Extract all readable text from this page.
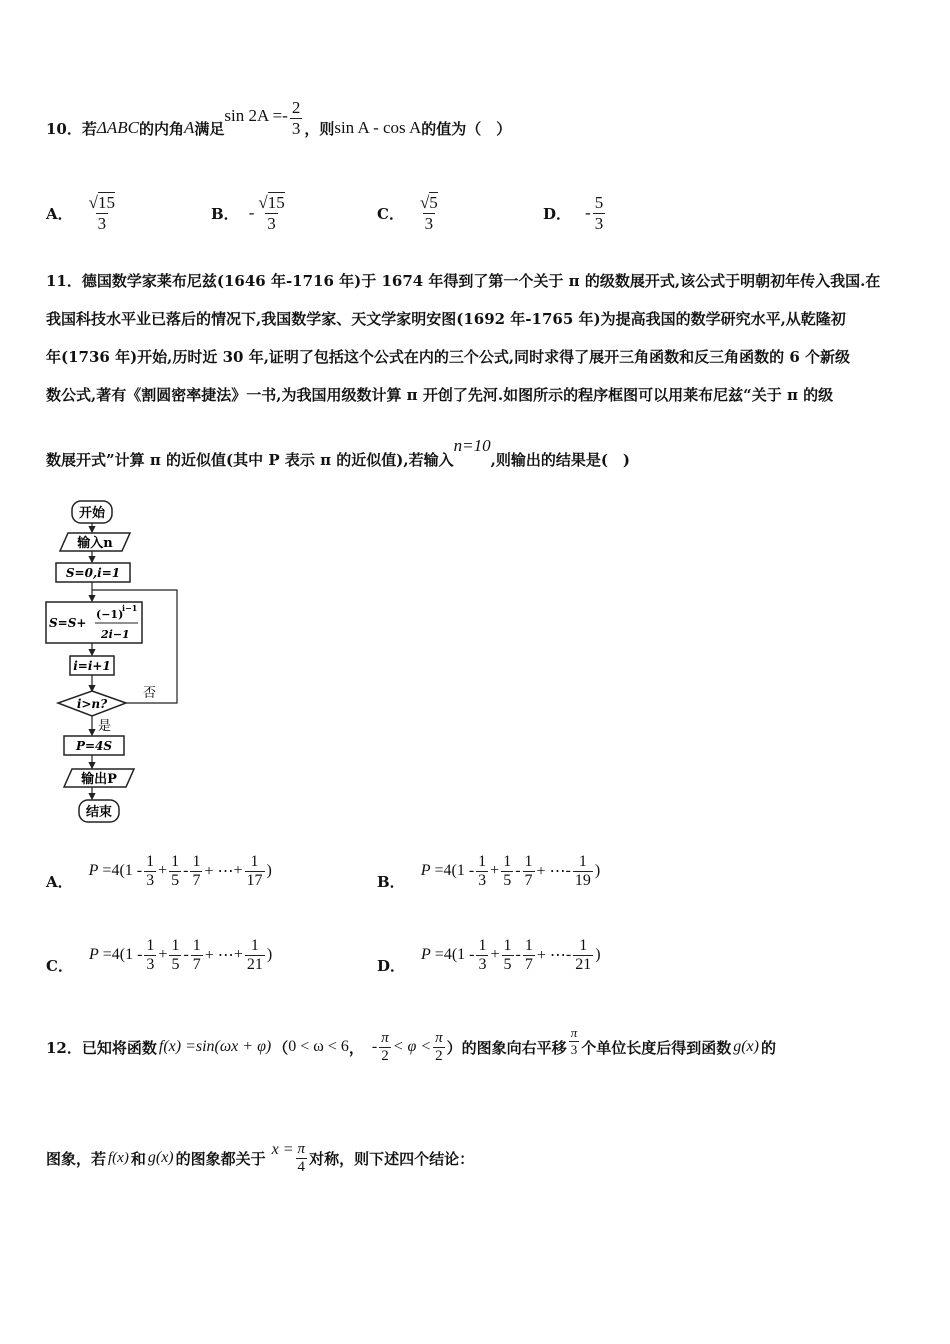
10．若 ΔABC 的内角 A 满足
$\sin 2A =- \frac{2}{3}$ ，则 sin A - cos A 的值为（　）
A． $\frac{√15}{3}$	B． - $\frac{√15}{3}$	C． $\frac{√5}{3}$	D． - $\frac{5}{3}$
11．德国数学家莱布尼兹(1646 年-1716 年)于 1674 年得到了第一个关于 π 的级数展开式,该公式于明朝初年传入我国.在
我国科技水平业已落后的情况下,我国数学家、天文学家明安图(1692 年-1765 年)为提高我国的数学研究水平,从乾隆初
年(1736 年)开始,历时近 30 年,证明了包括这个公式在内的三个公式,同时求得了展开三角函数和反三角函数的 6 个新级
数公式,著有《割圆密率捷法》一书,为我国用级数计算 π 开创了先河.如图所示的程序框图可以用莱布尼兹“关于 π 的级
数展开式”计算 π 的近似值(其中 P 表示 π 的近似值),若输入
n=10
,则输出的结果是(　)
开始
输入n
S=0,i=1
S=S+
(−1)
i−1
2i−1
i=i+1
i>n?
否
是
P=4S
输出P
结束
A．
$P =4(1 - \frac{1}{3} + \frac{1}{5} - \frac{1}{7}$ + ⋯ + $\frac{1}{17}$ )
B．
$P =4(1 - \frac{1}{3} + \frac{1}{5} - \frac{1}{7}$ + ⋯ - $\frac{1}{19}$ )
C．
$P =4(1 - \frac{1}{3} + \frac{1}{5} - \frac{1}{7}$ + ⋯ + $\frac{1}{21}$ )
D．
$P =4(1 - \frac{1}{3} + \frac{1}{5} - \frac{1}{7}$ + ⋯ - $\frac{1}{21}$ )
12．已知将函数 f(x) =sin(ωx + φ) （ 0 < ω < 6 ， - $\frac{\pi}{2} < \varphi < \frac{\pi}{2}$ ）的图象向右平移 $\frac{\pi}{3}$ 个单位长度后得到函数 g(x) 的
图象，若 f(x) 和 g(x) 的图象都关于 $x = \frac{\pi}{4}$ 对称，则下述四个结论：
